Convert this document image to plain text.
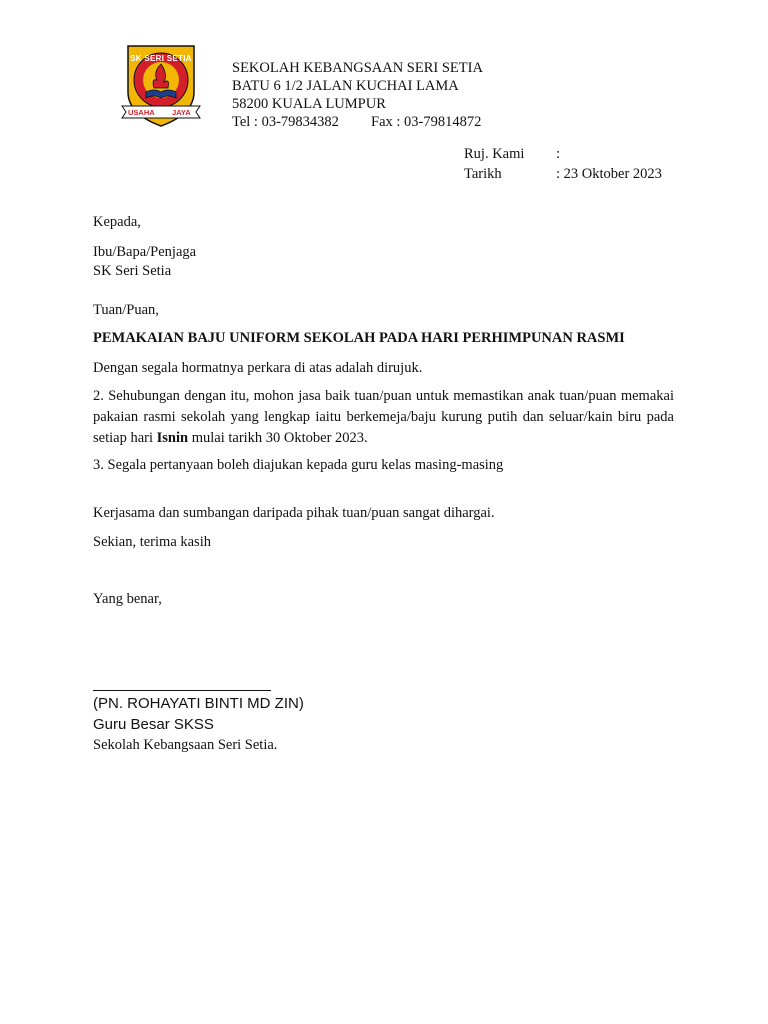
SK SERI SETIA
USAHA JAYA
SEKOLAH KEBANGSAAN SERI SETIA
BATU 6 1/2 JALAN KUCHAI LAMA
58200 KUALA LUMPUR
Tel : 03-79834382 Fax : 03-79814872
Ruj. Kami :
Tarikh	: 23 Oktober 2023
Kepada,
Ibu/Bapa/Penjaga
SK Seri Setia
Tuan/Puan,
PEMAKAIAN BAJU UNIFORM SEKOLAH PADA HARI PERHIMPUNAN RASMI
Dengan segala hormatnya perkara di atas adalah dirujuk.
2. Sehubungan dengan itu, mohon jasa baik tuan/puan untuk memastikan anak tuan/puan memakai pakaian rasmi sekolah yang lengkap iaitu berkemeja/baju kurung putih dan seluar/kain biru pada setiap hari Isnin mulai tarikh 30 Oktober 2023.
3. Segala pertanyaan boleh diajukan kepada guru kelas masing-masing
Kerjasama dan sumbangan daripada pihak tuan/puan sangat dihargai.
Sekian, terima kasih
Yang benar,
(PN. ROHAYATI BINTI MD ZIN)
Guru Besar SKSS
Sekolah Kebangsaan Seri Setia.
